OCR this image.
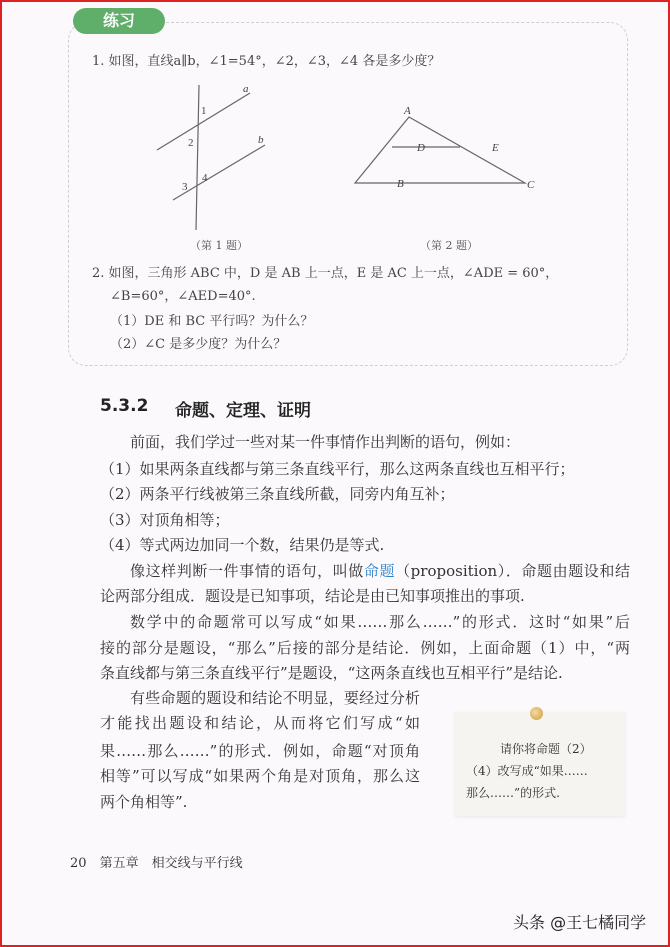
练习
1. 如图，直线a∥b，∠1=54°，∠2，∠3，∠4 各是多少度？
a
b
1
2
3
4
A
B	C
D	E
（第 1 题）	（第 2 题）
2. 如图，三角形 ABC 中，D 是 AB 上一点，E 是 AC 上一点，∠ADE = 60°，
∠B=60°，∠AED=40°.
（1）DE 和 BC 平行吗？为什么？
（2）∠C 是多少度？为什么？
5.3.2 命题、定理、证明
前面，我们学过一些对某一件事情作出判断的语句，例如：
（1）如果两条直线都与第三条直线平行，那么这两条直线也互相平行；
（2）两条平行线被第三条直线所截，同旁内角互补；
（3）对顶角相等；
（4）等式两边加同一个数，结果仍是等式.
像这样判断一件事情的语句，叫做命题（proposition）．命题由题设和结
论两部分组成．题设是已知事项，结论是由已知事项推出的事项.
数学中的命题常可以写成“如果……那么……”的形式．这时“如果”后
接的部分是题设，“那么”后接的部分是结论．例如，上面命题（1）中，“两
条直线都与第三条直线平行”是题设，“这两条直线也互相平行”是结论.
有些命题的题设和结论不明显，要经过分析
才能找出题设和结论，从而将它们写成“如
果……那么……”的形式．例如，命题“对顶角
相等”可以写成“如果两个角是对顶角，那么这
两个角相等”.
请你将命题（2）
（4）改写成“如果……
那么……”的形式.
20　 第五章　相交线与平行线
头条 @王七橘同学
